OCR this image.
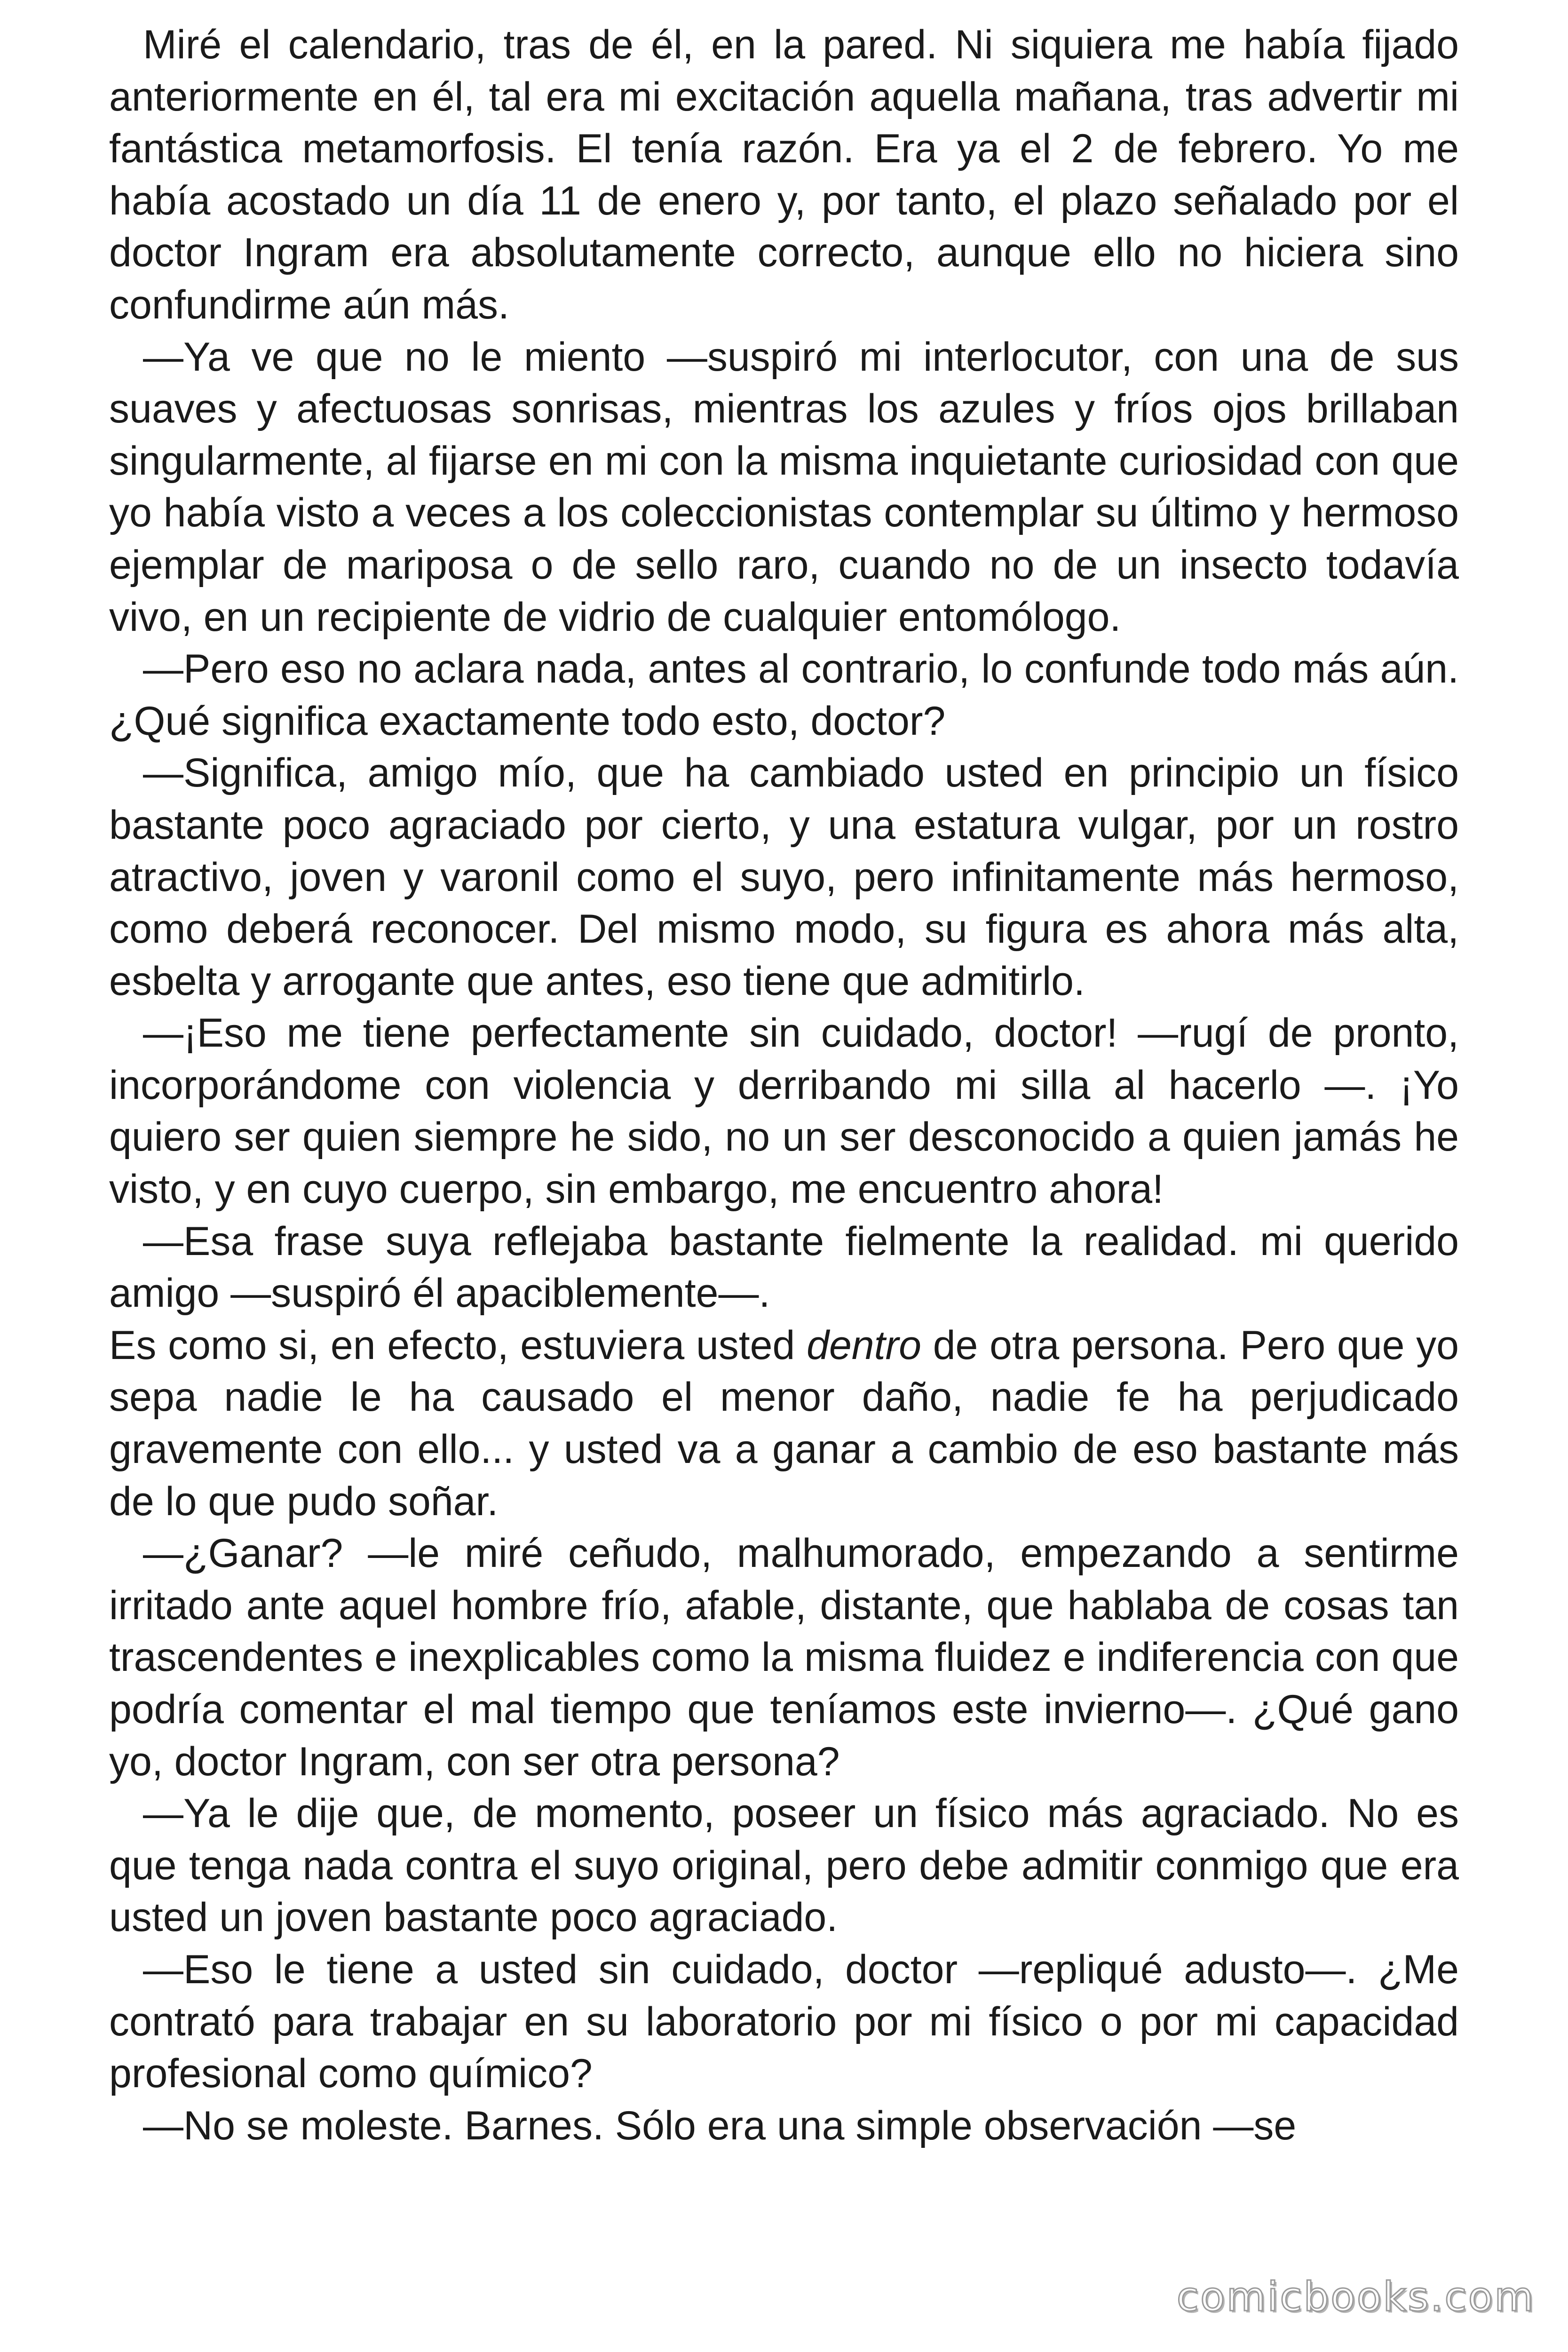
Miré el calendario, tras de él, en la pared. Ni siquiera me había fijado anteriormente en él, tal era mi excitación aquella mañana, tras advertir mi fantástica metamorfosis. El tenía razón. Era ya el 2 de febrero. Yo me había acostado un día 11 de enero y, por tanto, el plazo señalado por el doctor Ingram era absolutamente correcto, aunque ello no hiciera sino confundirme aún más.

—Ya ve que no le miento —suspiró mi interlocutor, con una de sus suaves y afectuosas sonrisas, mientras los azules y fríos ojos brillaban singularmente, al fijarse en mi con la misma inquietante curiosidad con que yo había visto a veces a los coleccionistas contemplar su último y hermoso ejemplar de mariposa o de sello raro, cuando no de un insecto todavía vivo, en un recipiente de vidrio de cualquier entomólogo.

—Pero eso no aclara nada, antes al contrario, lo confunde todo más aún. ¿Qué significa exactamente todo esto, doctor?

—Significa, amigo mío, que ha cambiado usted en principio un físico bastante poco agraciado por cierto, y una estatura vulgar, por un rostro atractivo, joven y varonil como el suyo, pero infinitamente más hermoso, como deberá reconocer. Del mismo modo, su figura es ahora más alta, esbelta y arrogante que antes, eso tiene que admitirlo.

—¡Eso me tiene perfectamente sin cuidado, doctor! —rugí de pronto, incorporándome con violencia y derribando mi silla al hacerlo —. ¡Yo quiero ser quien siempre he sido, no un ser desconocido a quien jamás he visto, y en cuyo cuerpo, sin embargo, me encuentro ahora!

—Esa frase suya reflejaba bastante fielmente la realidad. mi querido amigo —suspiró él apaciblemente—.

Es como si, en efecto, estuviera usted dentro de otra persona. Pero que yo sepa nadie le ha causado el menor daño, nadie fe ha perjudicado gravemente con ello... y usted va a ganar a cambio de eso bastante más de lo que pudo soñar.

—¿Ganar? —le miré ceñudo, malhumorado, empezando a sentirme irritado ante aquel hombre frío, afable, distante, que hablaba de cosas tan trascendentes e inexplicables como la misma fluidez e indiferencia con que podría comentar el mal tiempo que teníamos este invierno—. ¿Qué gano yo, doctor Ingram, con ser otra persona?

—Ya le dije que, de momento, poseer un físico más agraciado. No es que tenga nada contra el suyo original, pero debe admitir conmigo que era usted un joven bastante poco agraciado.

—Eso le tiene a usted sin cuidado, doctor —repliqué adusto—. ¿Me contrató para trabajar en su laboratorio por mi físico o por mi capacidad profesional como químico?

—No se moleste. Barnes. Sólo era una simple observación —se

comicbooks.com
